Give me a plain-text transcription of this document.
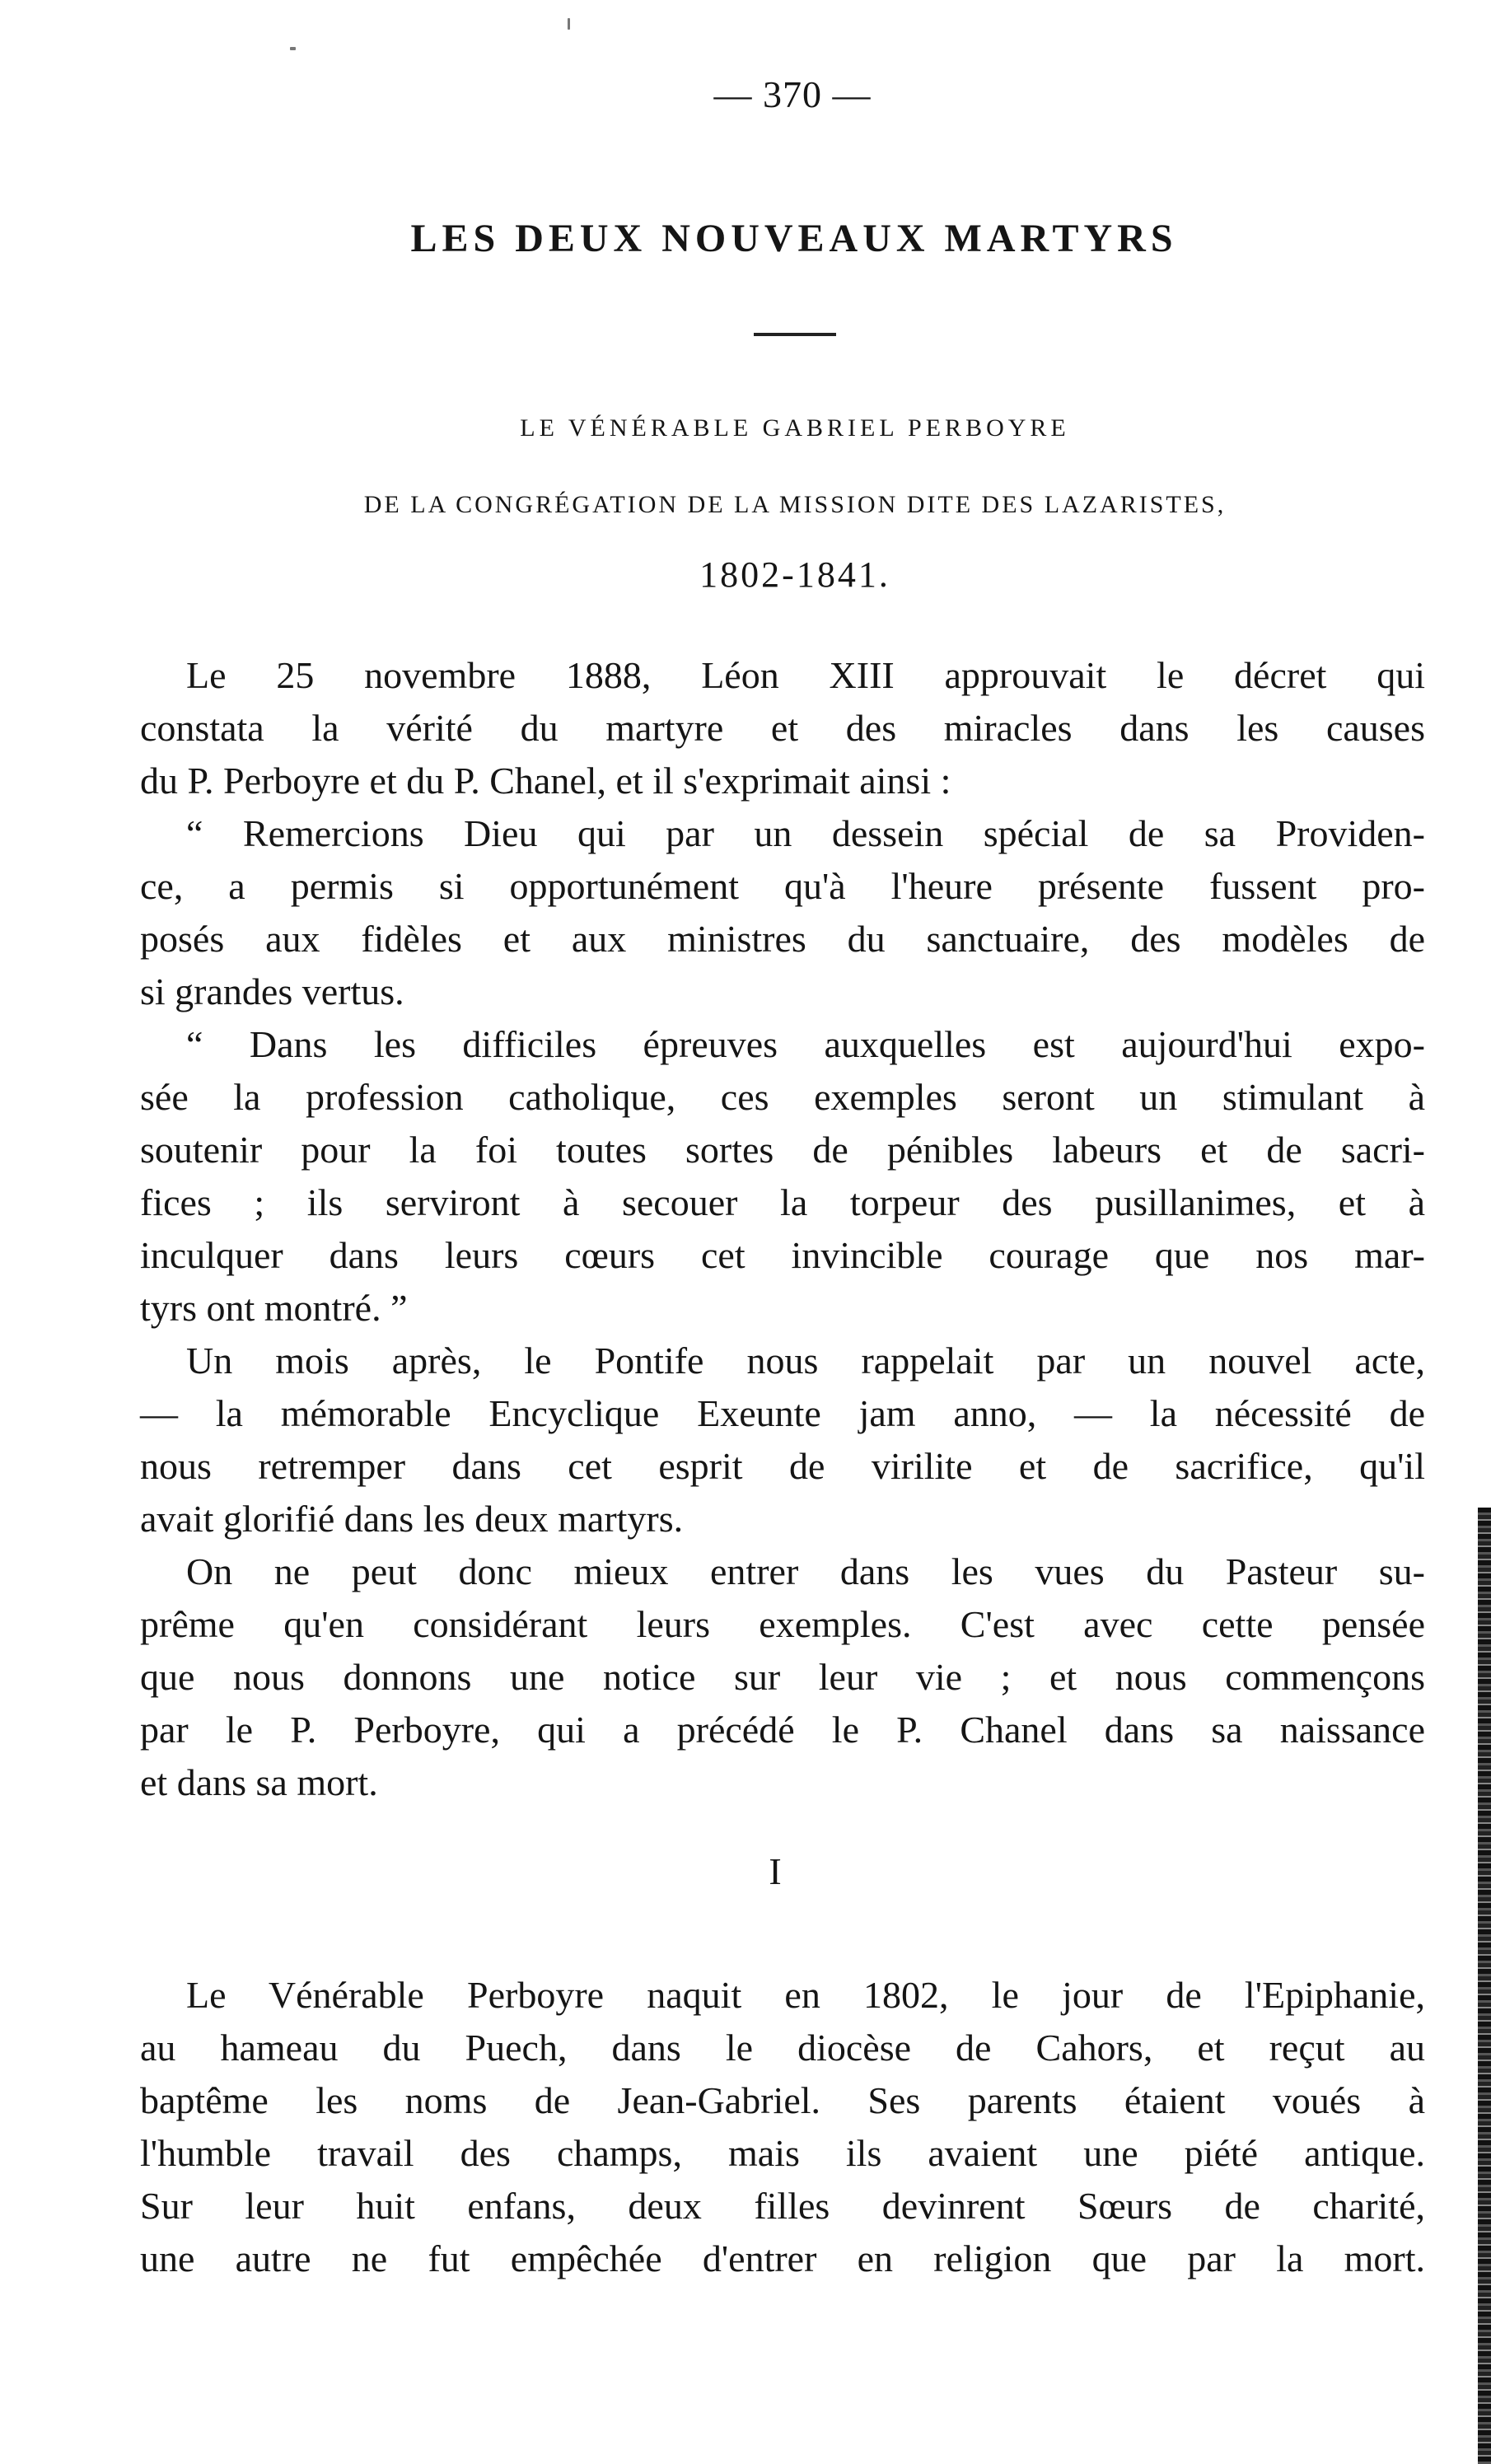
— 370 —
LES DEUX NOUVEAUX MARTYRS
LE VÉNÉRABLE GABRIEL PERBOYRE
DE LA CONGRÉGATION DE LA MISSION DITE DES LAZARISTES,
1802-1841.
Le 25 novembre 1888, Léon XIII approuvait le décret qui
constata la vérité du martyre et des miracles dans les causes
du P. Perboyre et du P. Chanel, et il s'exprimait ainsi :
“ Remercions Dieu qui par un dessein spécial de sa Providen-
ce, a permis si opportunément qu'à l'heure présente fussent pro-
posés aux fidèles et aux ministres du sanctuaire, des modèles de
si grandes vertus.
“ Dans les difficiles épreuves auxquelles est aujourd'hui expo-
sée la profession catholique, ces exemples seront un stimulant à
soutenir pour la foi toutes sortes de pénibles labeurs et de sacri-
fices ; ils serviront à secouer la torpeur des pusillanimes, et à
inculquer dans leurs cœurs cet invincible courage que nos mar-
tyrs ont montré. ”
Un mois après, le Pontife nous rappelait par un nouvel acte,
— la mémorable Encyclique Exeunte jam anno, — la nécessité de
nous retremper dans cet esprit de virilite et de sacrifice, qu'il
avait glorifié dans les deux martyrs.
On ne peut donc mieux entrer dans les vues du Pasteur su-
prême qu'en considérant leurs exemples. C'est avec cette pensée
que nous donnons une notice sur leur vie ; et nous commençons
par le P. Perboyre, qui a précédé le P. Chanel dans sa naissance
et dans sa mort.
I
Le Vénérable Perboyre naquit en 1802, le jour de l'Epiphanie,
au hameau du Puech, dans le diocèse de Cahors, et reçut au
baptême les noms de Jean-Gabriel. Ses parents étaient voués à
l'humble travail des champs, mais ils avaient une piété antique.
Sur leur huit enfans, deux filles devinrent Sœurs de charité,
une autre ne fut empêchée d'entrer en religion que par la mort.
